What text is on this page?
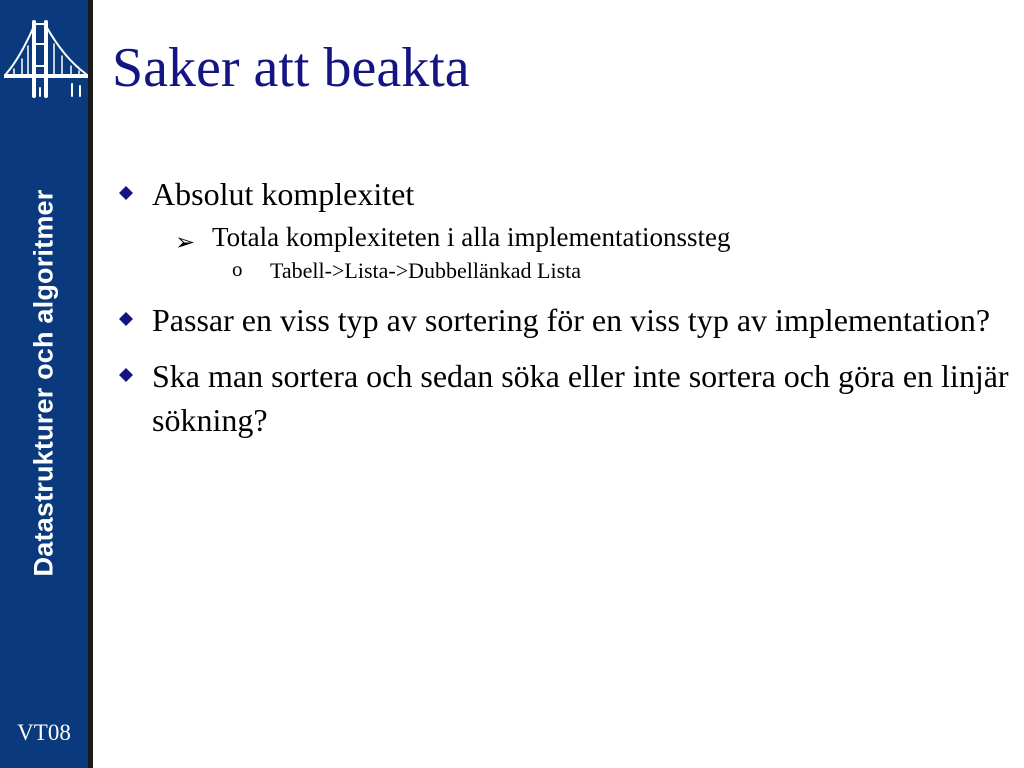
Datastrukturer och algoritmer
VT08
Saker att beakta
Absolut komplexitet
➢ Totala komplexiteten i alla implementationssteg
o Tabell->Lista->Dubbellänkad Lista
Passar en viss typ av sortering för en viss typ av implementation?
Ska man sortera och sedan söka eller inte sortera och göra en linjär sökning?
